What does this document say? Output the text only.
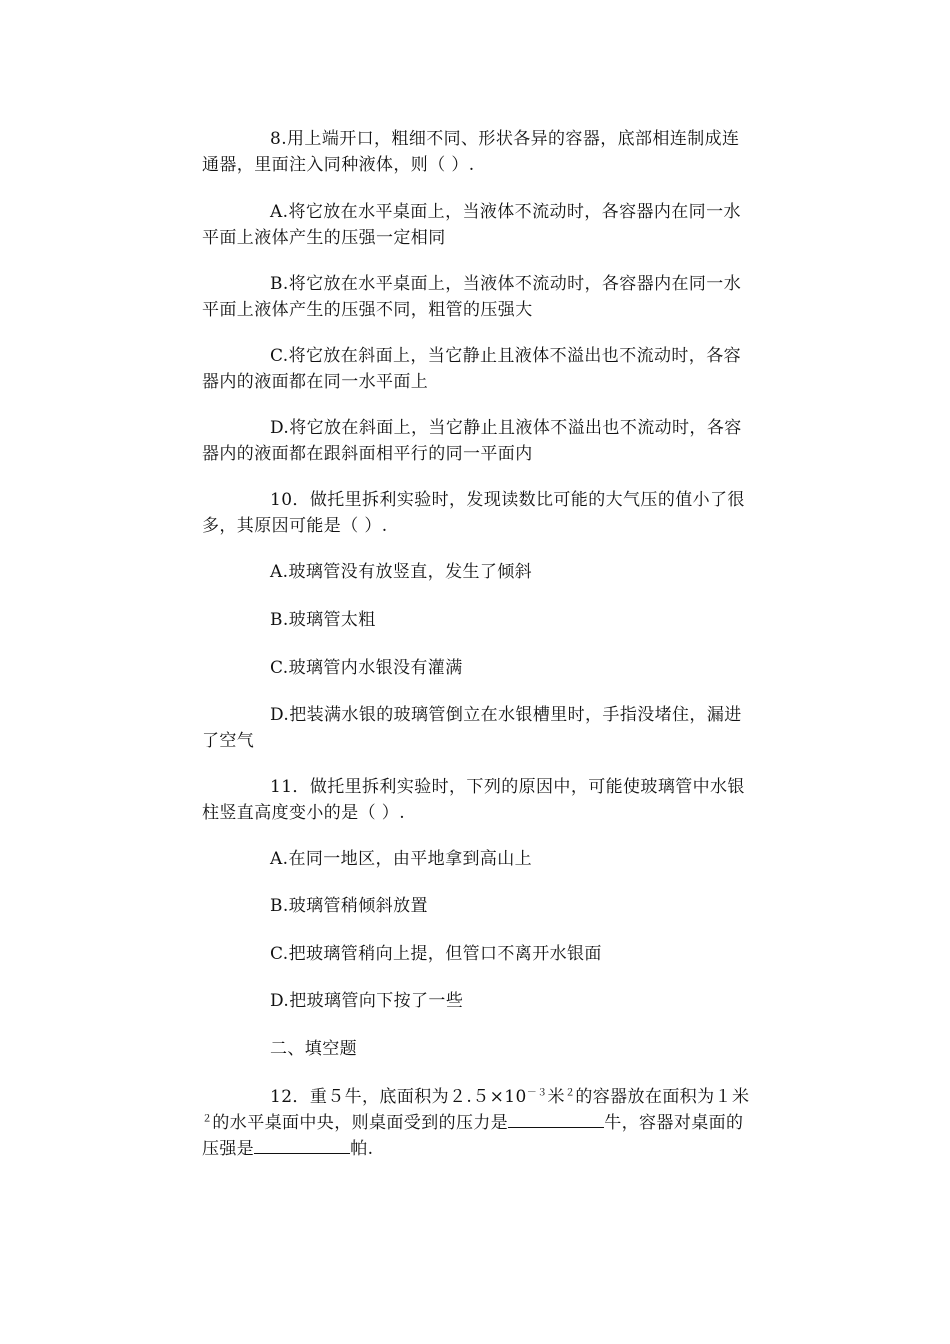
8.用上端开口，粗细不同、形状各异的容器，底部相连制成连通器，里面注入同种液体，则（ ）.

A.将它放在水平桌面上，当液体不流动时，各容器内在同一水平面上液体产生的压强一定相同

B.将它放在水平桌面上，当液体不流动时，各容器内在同一水平面上液体产生的压强不同，粗管的压强大

C.将它放在斜面上，当它静止且液体不溢出也不流动时，各容器内的液面都在同一水平面上

D.将它放在斜面上，当它静止且液体不溢出也不流动时，各容器内的液面都在跟斜面相平行的同一平面内

10．做托里拆利实验时，发现读数比可能的大气压的值小了很多，其原因可能是（ ）.

A.玻璃管没有放竖直，发生了倾斜

B.玻璃管太粗

C.玻璃管内水银没有灌满

D.把装满水银的玻璃管倒立在水银槽里时，手指没堵住，漏进了空气

11．做托里拆利实验时，下列的原因中，可能使玻璃管中水银柱竖直高度变小的是（ ）.

A.在同一地区，由平地拿到高山上

B.玻璃管稍倾斜放置

C.把玻璃管稍向上提，但管口不离开水银面

D.把玻璃管向下按了一些

二、填空题

12．重５牛，底面积为$2.5\times 10^{-3}$米$^2$的容器放在面积为１米$^2$的水平桌面中央，则桌面受到的压力是	牛，容器对桌面的压强是	帕.
